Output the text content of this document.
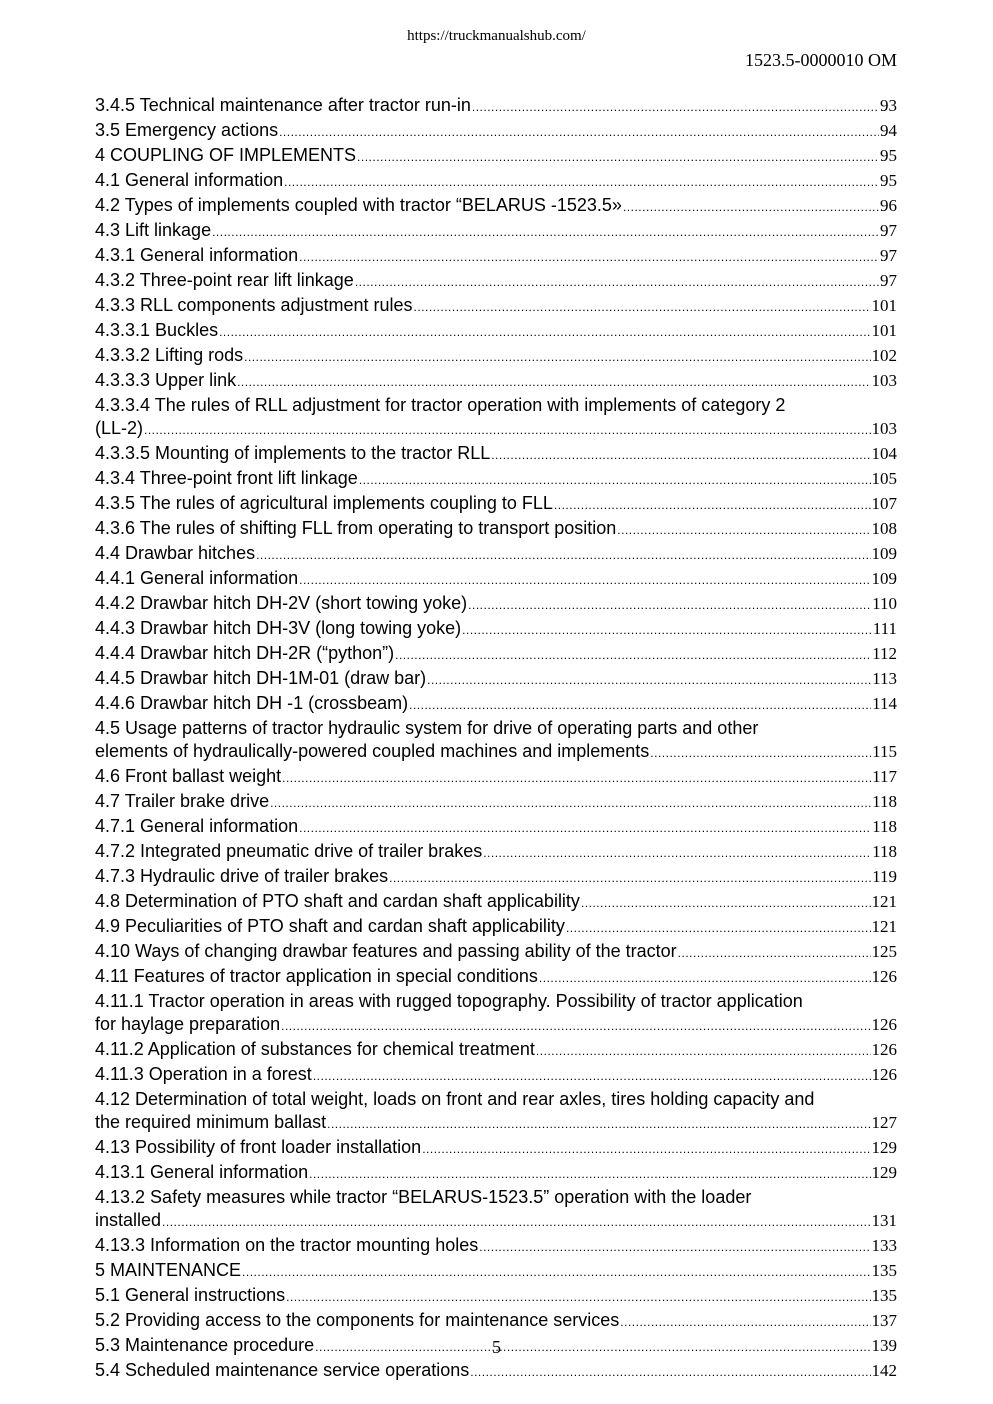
https://truckmanualshub.com/
1523.5-0000010 OM
3.4.5 Technical maintenance after tractor run-in .....	93
3.5 Emergency actions .....	94
4 COUPLING OF IMPLEMENTS .....	95
4.1 General information .....	95
4.2 Types of implements coupled with tractor “BELARUS -1523.5» .....	96
4.3 Lift linkage .....	97
4.3.1 General information .....	97
4.3.2 Three-point rear lift linkage .....	97
4.3.3 RLL components adjustment rules .....	101
4.3.3.1 Buckles .....	101
4.3.3.2 Lifting rods .....	102
4.3.3.3 Upper link .....	103
4.3.3.4 The rules of RLL adjustment for tractor operation with implements of category 2
(LL-2) .....	103
4.3.3.5 Mounting of implements to the tractor RLL .....	104
4.3.4 Three-point front lift linkage .....	105
4.3.5 The rules of agricultural implements coupling to FLL .....	107
4.3.6 The rules of shifting FLL from operating to transport position .....	108
4.4 Drawbar hitches .....	109
4.4.1 General information .....	109
4.4.2 Drawbar hitch DH-2V (short towing yoke) .....	110
4.4.3 Drawbar hitch DH-3V (long towing yoke) .....	111
4.4.4 Drawbar hitch DH-2R (“python”) .....	112
4.4.5 Drawbar hitch DH-1M-01 (draw bar) .....	113
4.4.6 Drawbar hitch DH -1 (crossbeam) .....	114
4.5 Usage patterns of tractor hydraulic system for drive of operating parts and other
elements of hydraulically-powered coupled machines and implements .....	115
4.6 Front ballast weight .....	117
4.7 Trailer brake drive .....	118
4.7.1 General information .....	118
4.7.2 Integrated pneumatic drive of trailer brakes .....	118
4.7.3 Hydraulic drive of trailer brakes .....	119
4.8 Determination of PTO shaft and cardan shaft applicability .....	121
4.9 Peculiarities of PTO shaft and cardan shaft applicability .....	121
4.10 Ways of changing drawbar features and passing ability of the tractor .....	125
4.11 Features of tractor application in special conditions .....	126
4.11.1 Tractor operation in areas with rugged topography. Possibility of tractor application
for haylage preparation .....	126
4.11.2 Application of substances for chemical treatment .....	126
4.11.3 Operation in a forest .....	126
4.12 Determination of total weight, loads on front and rear axles, tires holding capacity and
the required minimum ballast .....	127
4.13 Possibility of front loader installation .....	129
4.13.1 General information .....	129
4.13.2 Safety measures while tractor “BELARUS-1523.5” operation with the loader
installed .....	131
4.13.3 Information on the tractor mounting holes .....	133
5 MAINTENANCE .....	135
5.1 General instructions .....	135
5.2 Providing access to the components for maintenance services .....	137
5.3 Maintenance procedure .....	139
5.4 Scheduled maintenance service operations .....	142
5
